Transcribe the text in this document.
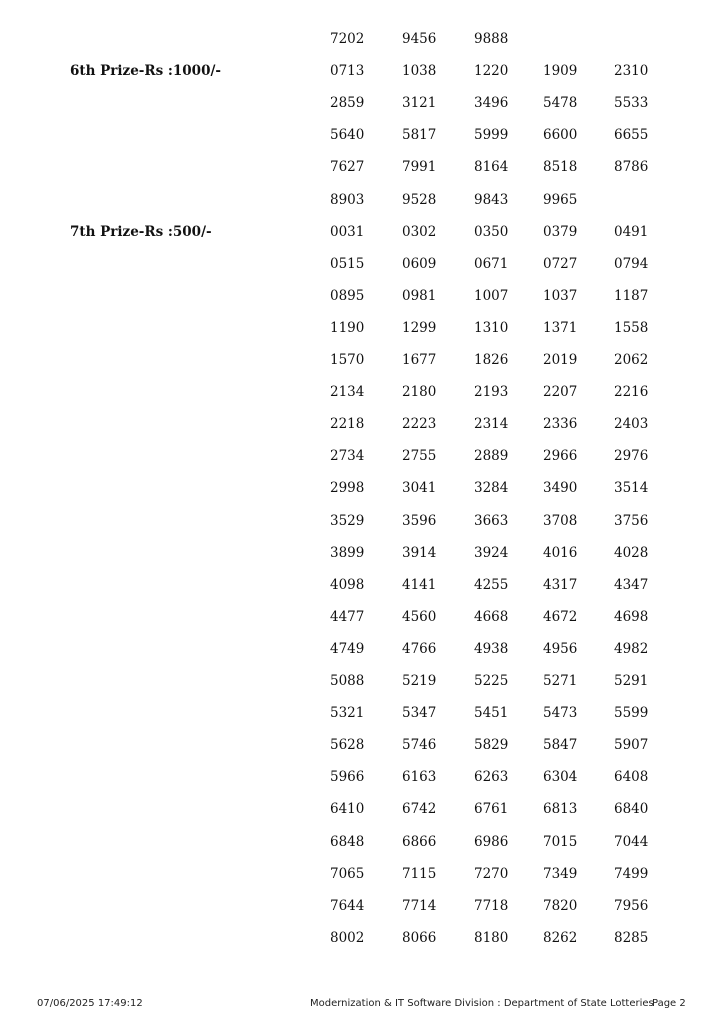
7202	9456	9888
6th Prize-Rs :1000/-	0713	1038	1220	1909	2310
2859	3121	3496	5478	5533
5640	5817	5999	6600	6655
7627	7991	8164	8518	8786
8903	9528	9843	9965
7th Prize-Rs :500/-	0031	0302	0350	0379	0491
0515	0609	0671	0727	0794
0895	0981	1007	1037	1187
1190	1299	1310	1371	1558
1570	1677	1826	2019	2062
2134	2180	2193	2207	2216
2218	2223	2314	2336	2403
2734	2755	2889	2966	2976
2998	3041	3284	3490	3514
3529	3596	3663	3708	3756
3899	3914	3924	4016	4028
4098	4141	4255	4317	4347
4477	4560	4668	4672	4698
4749	4766	4938	4956	4982
5088	5219	5225	5271	5291
5321	5347	5451	5473	5599
5628	5746	5829	5847	5907
5966	6163	6263	6304	6408
6410	6742	6761	6813	6840
6848	6866	6986	7015	7044
7065	7115	7270	7349	7499
7644	7714	7718	7820	7956
8002	8066	8180	8262	8285
07/06/2025 17:49:12	Modernization & IT Software Division : Department of State Lotteries
Page 2
